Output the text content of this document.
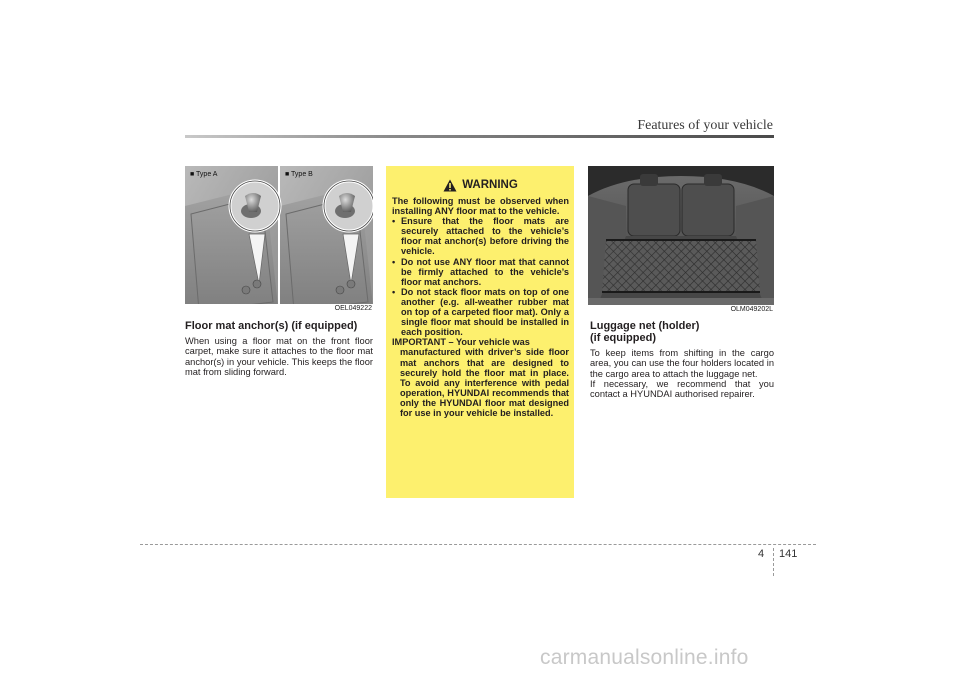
Features of your vehicle
■ Type A	■ Type B
OEL049222
Floor mat anchor(s) (if equipped)
When using a floor mat on the front floor carpet, make sure it attaches to the floor mat anchor(s) in your vehicle. This keeps the floor mat from sliding forward.
WARNING
The following must be observed when installing ANY floor mat to the vehicle.
• Ensure that the floor mats are securely attached to the vehicle’s floor mat anchor(s) before driving the vehicle.
• Do not use ANY floor mat that cannot be firmly attached to the vehicle’s floor mat anchors.
• Do not stack floor mats on top of one another (e.g. all-weather rubber mat on top of a carpeted floor mat). Only a single floor mat should be installed in each position.
IMPORTANT – Your vehicle was
manufactured with driver’s side floor mat anchors that are designed to securely hold the floor mat in place. To avoid any interference with pedal operation, HYUNDAI recommends that only the HYUNDAI floor mat designed for use in your vehicle be installed.
OLM049202L
Luggage net (holder)
(if equipped)
To keep items from shifting in the cargo area, you can use the four holders located in the cargo area to attach the luggage net.
If necessary, we recommend that you contact a HYUNDAI authorised repairer.
4 141
carmanualsonline.info
